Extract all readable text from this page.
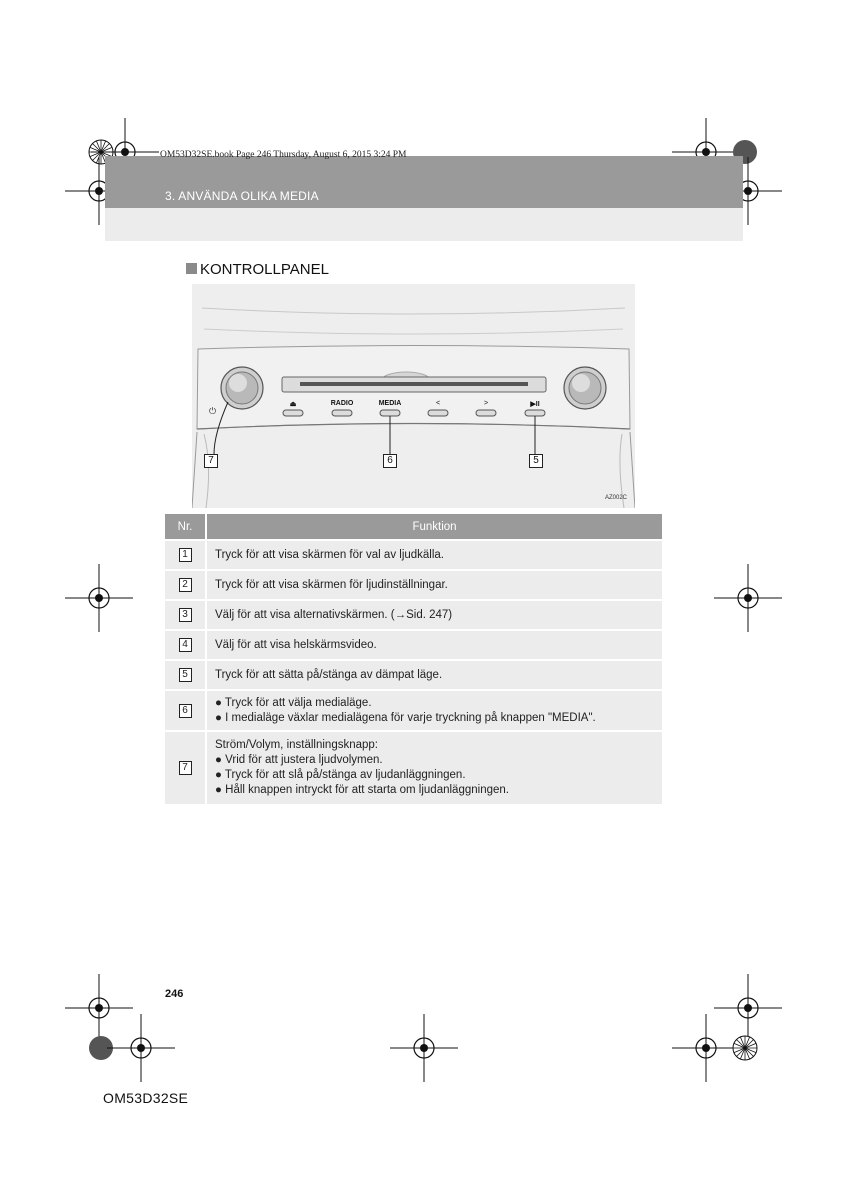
OM53D32SE.book Page 246 Thursday, August 6, 2015 3:24 PM
3. ANVÄNDA OLIKA MEDIA
KONTROLLPANEL
⏻
⏏	RADIO	MEDIA	<	>	▶II
7	6	5
AZ002C
Nr.	Funktion
1	Tryck för att visa skärmen för val av ljudkälla.

2	Tryck för att visa skärmen för ljudinställningar.

3	Välj för att visa alternativskärmen. (→Sid. 247)

4	Välj för att visa helskärmsvideo.

5	Tryck för att sätta på/stänga av dämpat läge.

6	● Tryck för att välja medialäge.
● I medialäge växlar medialägena för varje tryckning på knappen "MEDIA".

7	Ström/Volym, inställningsknapp:
● Vrid för att justera ljudvolymen.
● Tryck för att slå på/stänga av ljudanläggningen.
● Håll knappen intryckt för att starta om ljudanläggningen.
246
OM53D32SE
